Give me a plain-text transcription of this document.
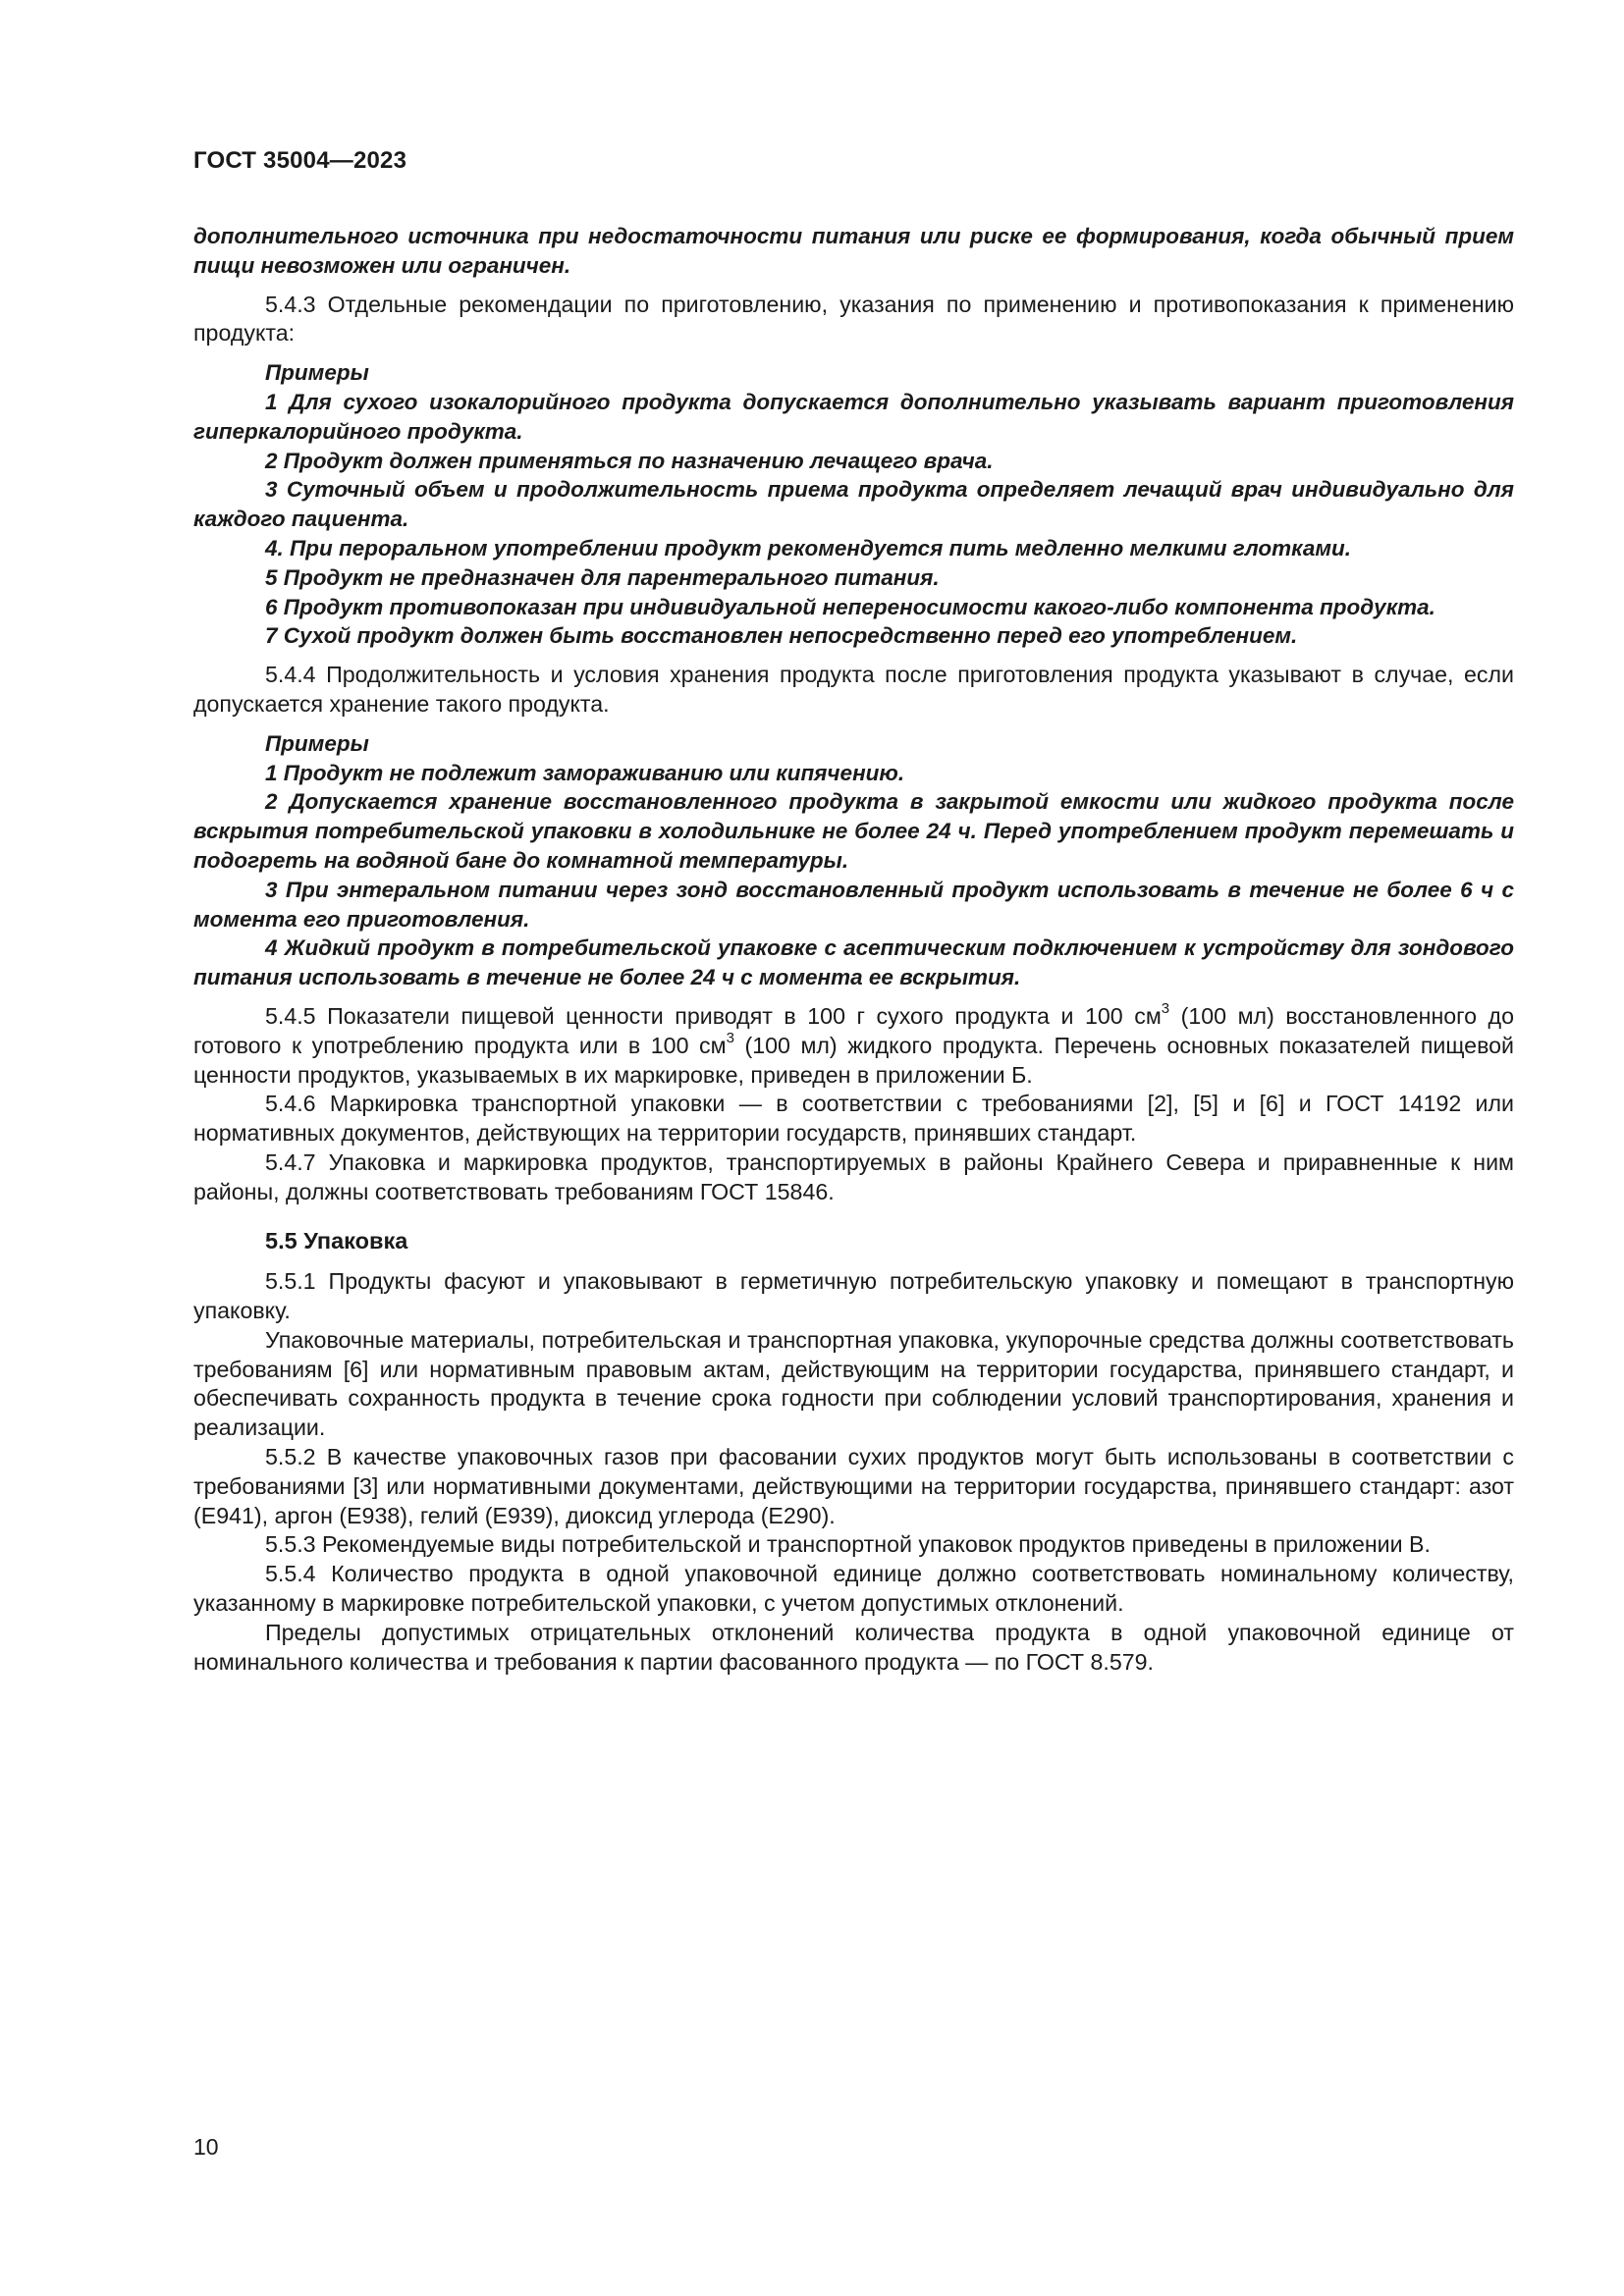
ГОСТ 35004—2023

дополнительного источника при недостаточности питания или риске ее формирования, когда обычный прием пищи невозможен или ограничен.

5.4.3 Отдельные рекомендации по приготовлению, указания по применению и противопоказания к применению продукта:

Примеры

1 Для сухого изокалорийного продукта допускается дополнительно указывать вариант приготовления гиперкалорийного продукта.

2 Продукт должен применяться по назначению лечащего врача.

3 Суточный объем и продолжительность приема продукта определяет лечащий врач индивидуально для каждого пациента.

4. При пероральном употреблении продукт рекомендуется пить медленно мелкими глотками.

5 Продукт не предназначен для парентерального питания.

6 Продукт противопоказан при индивидуальной непереносимости какого-либо компонента продукта.

7 Сухой продукт должен быть восстановлен непосредственно перед его употреблением.

5.4.4 Продолжительность и условия хранения продукта после приготовления продукта указывают в случае, если допускается хранение такого продукта.

Примеры

1 Продукт не подлежит замораживанию или кипячению.

2 Допускается хранение восстановленного продукта в закрытой емкости или жидкого продукта после вскрытия потребительской упаковки в холодильнике не более 24 ч. Перед употреблением продукт перемешать и подогреть на водяной бане до комнатной температуры.

3 При энтеральном питании через зонд восстановленный продукт использовать в течение не более 6 ч с момента его приготовления.

4 Жидкий продукт в потребительской упаковке с асептическим подключением к устройству для зондового питания использовать в течение не более 24 ч с момента ее вскрытия.

5.4.5 Показатели пищевой ценности приводят в 100 г сухого продукта и 100 $см^3$ (100 мл) восстановленного до готового к употреблению продукта или в 100 $см^3$ (100 мл) жидкого продукта. Перечень основных показателей пищевой ценности продуктов, указываемых в их маркировке, приведен в приложении Б.

5.4.6 Маркировка транспортной упаковки — в соответствии с требованиями [2], [5] и [6] и ГОСТ 14192 или нормативных документов, действующих на территории государств, принявших стандарт.

5.4.7 Упаковка и маркировка продуктов, транспортируемых в районы Крайнего Севера и приравненные к ним районы, должны соответствовать требованиям ГОСТ 15846.

5.5 Упаковка

5.5.1 Продукты фасуют и упаковывают в герметичную потребительскую упаковку и помещают в транспортную упаковку.

Упаковочные материалы, потребительская и транспортная упаковка, укупорочные средства должны соответствовать требованиям [6] или нормативным правовым актам, действующим на территории государства, принявшего стандарт, и обеспечивать сохранность продукта в течение срока годности при соблюдении условий транспортирования, хранения и реализации.

5.5.2 В качестве упаковочных газов при фасовании сухих продуктов могут быть использованы в соответствии с требованиями [3] или нормативными документами, действующими на территории государства, принявшего стандарт: азот (Е941), аргон (Е938), гелий (Е939), диоксид углерода (Е290).

5.5.3 Рекомендуемые виды потребительской и транспортной упаковок продуктов приведены в приложении В.

5.5.4 Количество продукта в одной упаковочной единице должно соответствовать номинальному количеству, указанному в маркировке потребительской упаковки, с учетом допустимых отклонений.

Пределы допустимых отрицательных отклонений количества продукта в одной упаковочной единице от номинального количества и требования к партии фасованного продукта — по ГОСТ 8.579.

10
